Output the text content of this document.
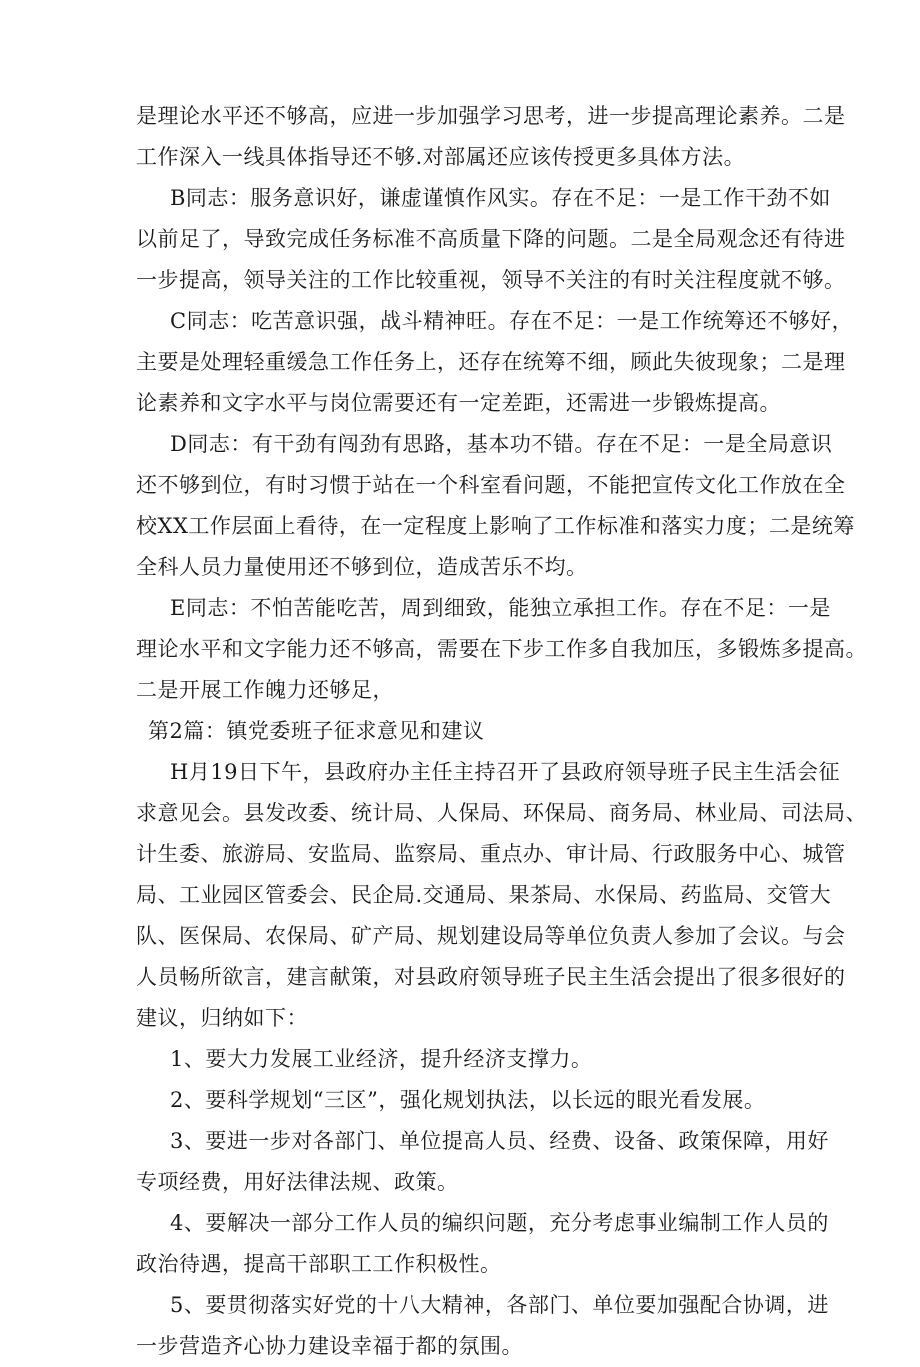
是理论水平还不够高，应进一步加强学习思考，进一步提高理论素养。二是
工作深入一线具体指导还不够.对部属还应该传授更多具体方法。
B同志：服务意识好，谦虚谨慎作风实。存在不足：一是工作干劲不如
以前足了，导致完成任务标准不高质量下降的问题。二是全局观念还有待进
一步提高，领导关注的工作比较重视，领导不关注的有时关注程度就不够。
C同志：吃苦意识强，战斗精神旺。存在不足：一是工作统筹还不够好，
主要是处理轻重缓急工作任务上，还存在统筹不细，顾此失彼现象；二是理
论素养和文字水平与岗位需要还有一定差距，还需进一步锻炼提高。
D同志：有干劲有闯劲有思路，基本功不错。存在不足：一是全局意识
还不够到位，有时习惯于站在一个科室看问题，不能把宣传文化工作放在全
校XX工作层面上看待，在一定程度上影响了工作标准和落实力度；二是统筹
全科人员力量使用还不够到位，造成苦乐不均。
E同志：不怕苦能吃苦，周到细致，能独立承担工作。存在不足：一是
理论水平和文字能力还不够高，需要在下步工作多自我加压，多锻炼多提高。
二是开展工作魄力还够足，
第2篇：镇党委班子征求意见和建议
H月19日下午，县政府办主任主持召开了县政府领导班子民主生活会征
求意见会。县发改委、统计局、人保局、环保局、商务局、林业局、司法局、
计生委、旅游局、安监局、监察局、重点办、审计局、行政服务中心、城管
局、工业园区管委会、民企局.交通局、果茶局、水保局、药监局、交管大
队、医保局、农保局、矿产局、规划建设局等单位负责人参加了会议。与会
人员畅所欲言，建言献策，对县政府领导班子民主生活会提出了很多很好的
建议，归纳如下：
1、要大力发展工业经济，提升经济支撑力。
2、要科学规划“三区”，强化规划执法，以长远的眼光看发展。
3、要进一步对各部门、单位提高人员、经费、设备、政策保障，用好
专项经费，用好法律法规、政策。
4、要解决一部分工作人员的编织问题，充分考虑事业编制工作人员的
政治待遇，提高干部职工工作积极性。
5、要贯彻落实好党的十八大精神，各部门、单位要加强配合协调，进
一步营造齐心协力建设幸福于都的氛围。
